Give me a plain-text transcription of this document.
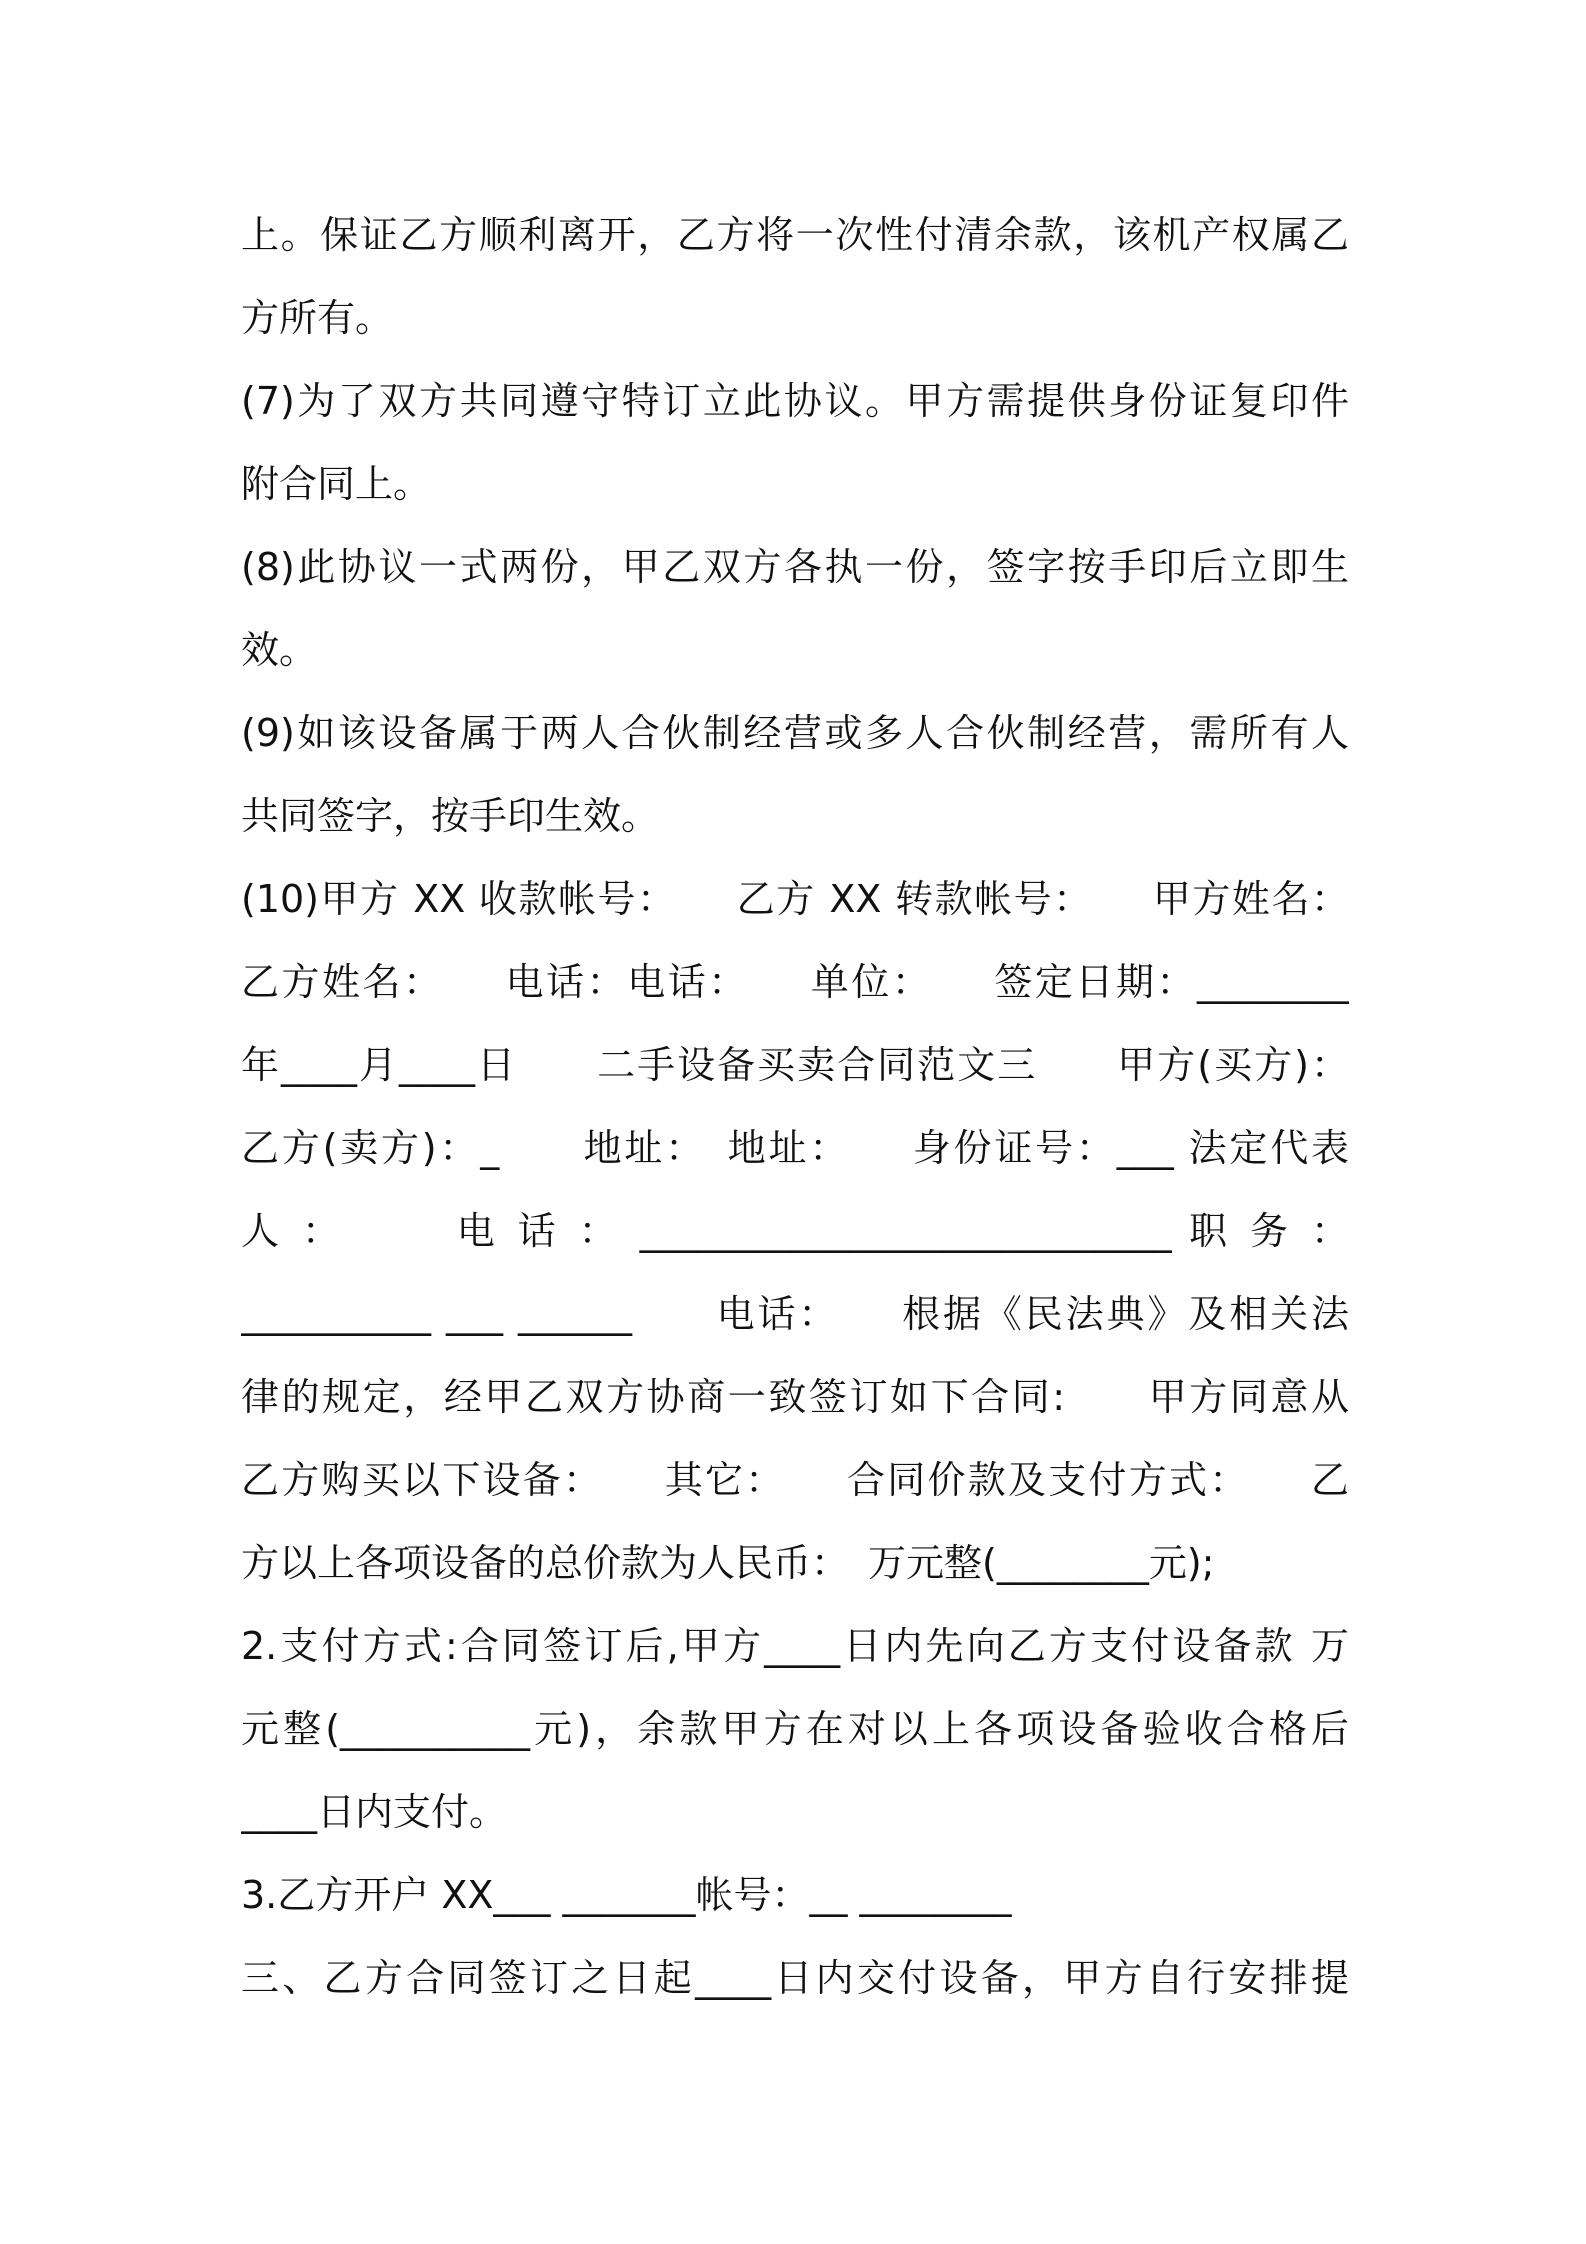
上。保证乙方顺利离开，乙方将一次性付清余款，该机产权属乙
方所有。
(7)为了双方共同遵守特订立此协议。甲方需提供身份证复印件
附合同上。
(8)此协议一式两份，甲乙双方各执一份，签字按手印后立即生
效。
(9)如该设备属于两人合伙制经营或多人合伙制经营，需所有人
共同签字，按手印生效。
(10)甲方 XX 收款帐号：　　乙方 XX 转款帐号：　　甲方姓名：
乙方姓名：　　电话：电话：　　单位：　　签定日期：________
年____月____日　　二手设备买卖合同范文三　　甲方(买方)：
乙方(卖方)：_　　地址：　地址：　　身份证号：___ 法定代表
人 ：　　　电 话 ： ____________________________ 职 务 ：
__________ ___ ______　　电话：　　根据《民法典》及相关法
律的规定，经甲乙双方协商一致签订如下合同:　　甲方同意从
乙方购买以下设备：　　其它：　　合同价款及支付方式：　　乙
方以上各项设备的总价款为人民币：　万元整(________元);
2.支付方式:合同签订后,甲方____日内先向乙方支付设备款 万
元整(__________元)，余款甲方在对以上各项设备验收合格后
____日内支付。
3.乙方开户 XX___ _______帐号：__ ________
三、乙方合同签订之日起____日内交付设备，甲方自行安排提
